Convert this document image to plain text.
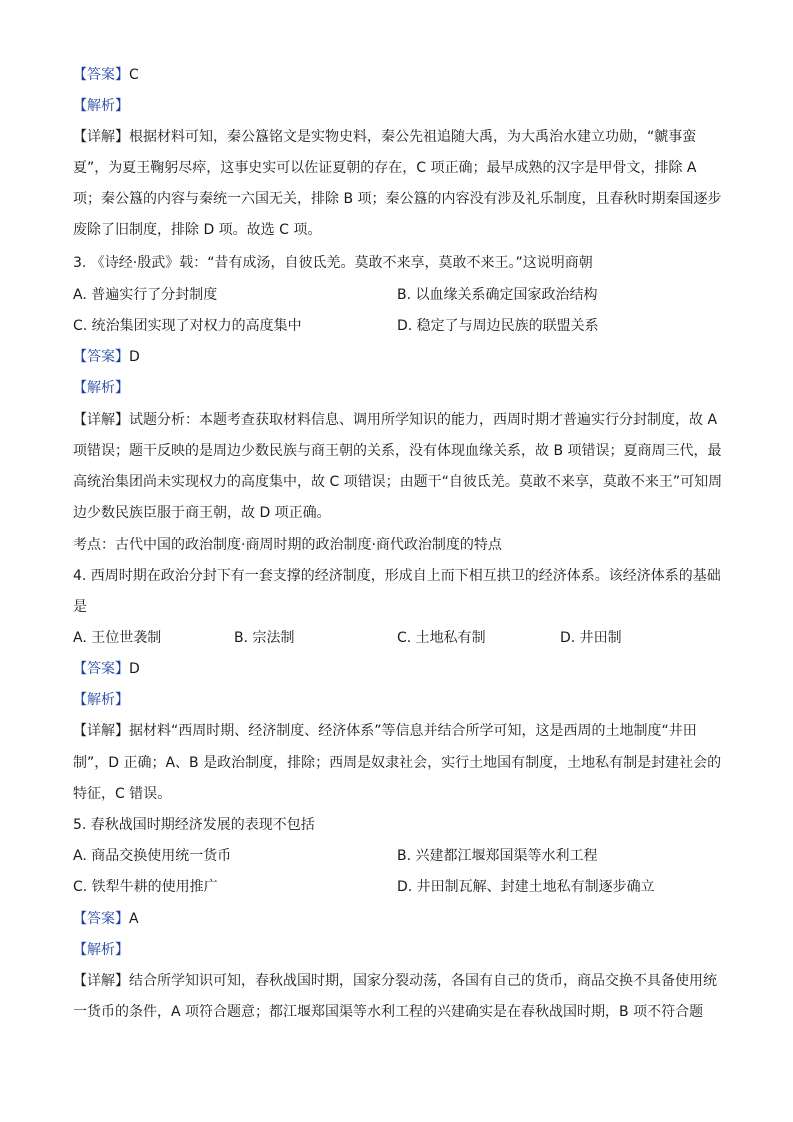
【答案】C
【解析】
【详解】根据材料可知，秦公簋铭文是实物史料，秦公先祖追随大禹，为大禹治水建立功勋，“虩事蛮
夏”，为夏王鞠躬尽瘁，这事史实可以佐证夏朝的存在，C 项正确；最早成熟的汉字是甲骨文，排除 A
项；秦公簋的内容与秦统一六国无关，排除 B 项；秦公簋的内容没有涉及礼乐制度，且春秋时期秦国逐步
废除了旧制度，排除 D 项。故选 C 项。
3. 《诗经·殷武》载：“昔有成汤，自彼氐羌。莫敢不来享，莫敢不来王。”这说明商朝
A. 普遍实行了分封制度	B. 以血缘关系确定国家政治结构
C. 统治集团实现了对权力的高度集中	D. 稳定了与周边民族的联盟关系
【答案】D
【解析】
【详解】试题分析：本题考查获取材料信息、调用所学知识的能力，西周时期才普遍实行分封制度，故 A
项错误；题干反映的是周边少数民族与商王朝的关系，没有体现血缘关系，故 B 项错误；夏商周三代，最
高统治集团尚未实现权力的高度集中，故 C 项错误；由题干“自彼氐羌。莫敢不来享，莫敢不来王”可知周
边少数民族臣服于商王朝，故 D 项正确。
考点：古代中国的政治制度·商周时期的政治制度·商代政治制度的特点
4. 西周时期在政治分封下有一套支撑的经济制度，形成自上而下相互拱卫的经济体系。该经济体系的基础
是
A. 王位世袭制	B. 宗法制	C. 土地私有制	D. 井田制
【答案】D
【解析】
【详解】据材料“西周时期、经济制度、经济体系”等信息并结合所学可知，这是西周的土地制度“井田
制”，D 正确；A、B 是政治制度，排除；西周是奴隶社会，实行土地国有制度，土地私有制是封建社会的
特征，C 错误。
5. 春秋战国时期经济发展的表现不包括
A. 商品交换使用统一货币	B. 兴建都江堰郑国渠等水利工程
C. 铁犁牛耕的使用推广	D. 井田制瓦解、封建土地私有制逐步确立
【答案】A
【解析】
【详解】结合所学知识可知，春秋战国时期，国家分裂动荡，各国有自己的货币，商品交换不具备使用统
一货币的条件，A 项符合题意；都江堰郑国渠等水利工程的兴建确实是在春秋战国时期，B 项不符合题
